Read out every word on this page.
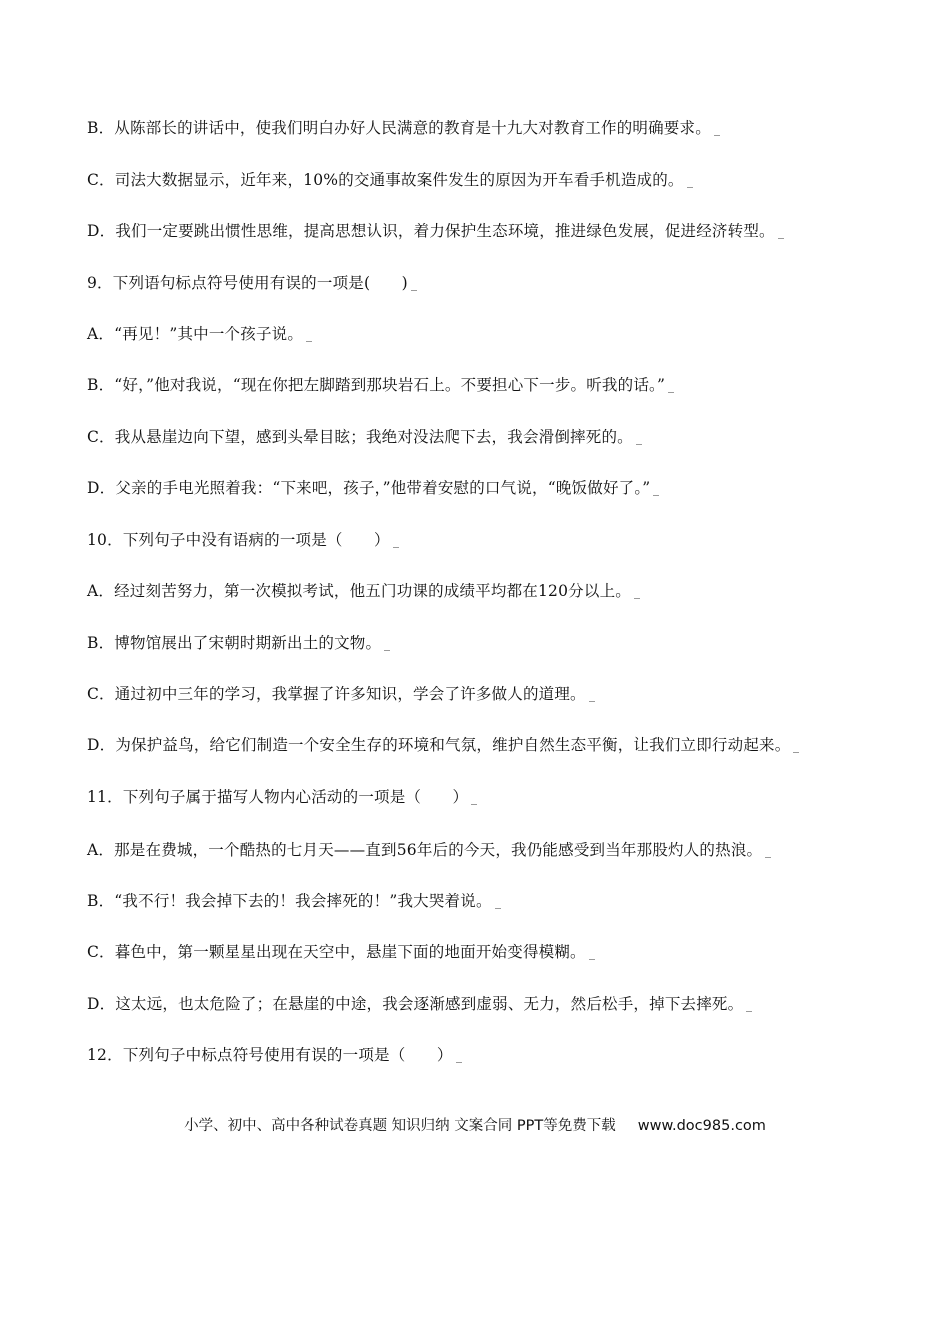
B．从陈部长的讲话中，使我们明白办好人民满意的教育是十九大对教育工作的明确要求。
C．司法大数据显示，近年来，10%的交通事故案件发生的原因为开车看手机造成的。
D．我们一定要跳出惯性思维，提高思想认识，着力保护生态环境，推进绿色发展，促进经济转型。
9．下列语句标点符号使用有误的一项是(　　)
A．“再见！”其中一个孩子说。
B．“好，”他对我说，“现在你把左脚踏到那块岩石上。不要担心下一步。听我的话。”
C．我从悬崖边向下望，感到头晕目眩；我绝对没法爬下去，我会滑倒摔死的。
D．父亲的手电光照着我：“下来吧，孩子，”他带着安慰的口气说，“晚饭做好了。”
10．下列句子中没有语病的一项是（　　）
A．经过刻苦努力，第一次模拟考试，他五门功课的成绩平均都在120分以上。
B．博物馆展出了宋朝时期新出土的文物。
C．通过初中三年的学习，我掌握了许多知识，学会了许多做人的道理。
D．为保护益鸟，给它们制造一个安全生存的环境和气氛，维护自然生态平衡，让我们立即行动起来。
11．下列句子属于描写人物内心活动的一项是（　　）
A．那是在费城，一个酷热的七月天——直到56年后的今天，我仍能感受到当年那股灼人的热浪。
B．“我不行！我会掉下去的！我会摔死的！”我大哭着说。
C．暮色中，第一颗星星出现在天空中，悬崖下面的地面开始变得模糊。
D．这太远，也太危险了；在悬崖的中途，我会逐渐感到虚弱、无力，然后松手，掉下去摔死。
12．下列句子中标点符号使用有误的一项是（　　）
小学、初中、高中各种试卷真题 知识归纳 文案合同 PPT等免费下载 www.doc985.com
